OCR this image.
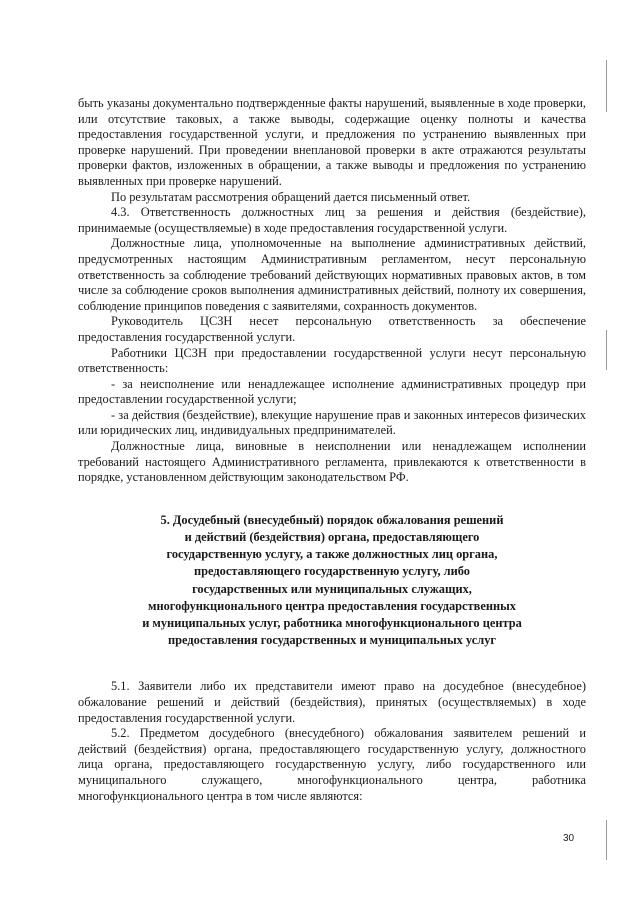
быть указаны документально подтвержденные факты нарушений, выявленные в ходе проверки, или отсутствие таковых, а также выводы, содержащие оценку полноты и качества предоставления государственной услуги, и предложения по устранению выявленных при проверке нарушений. При проведении внеплановой проверки в акте отражаются результаты проверки фактов, изложенных в обращении, а также выводы и предложения по устранению выявленных при проверке нарушений.

По результатам рассмотрения обращений дается письменный ответ.

4.3. Ответственность должностных лиц за решения и действия (бездействие), принимаемые (осуществляемые) в ходе предоставления государственной услуги.

Должностные лица, уполномоченные на выполнение административных действий, предусмотренных настоящим Административным регламентом, несут персональную ответственность за соблюдение требований действующих нормативных правовых актов, в том числе за соблюдение сроков выполнения административных действий, полноту их совершения, соблюдение принципов поведения с заявителями, сохранность документов.

Руководитель ЦСЗН несет персональную ответственность за обеспечение предоставления государственной услуги.

Работники ЦСЗН при предоставлении государственной услуги несут персональную ответственность:

- за неисполнение или ненадлежащее исполнение административных процедур при предоставлении государственной услуги;

- за действия (бездействие), влекущие нарушение прав и законных интересов физических или юридических лиц, индивидуальных предпринимателей.

Должностные лица, виновные в неисполнении или ненадлежащем исполнении требований настоящего Административного регламента, привлекаются к ответственности в порядке, установленном действующим законодательством РФ.

5. Досудебный (внесудебный) порядок обжалования решений
и действий (бездействия) органа, предоставляющего
государственную услугу, а также должностных лиц органа,
предоставляющего государственную услугу, либо
государственных или муниципальных служащих,
многофункционального центра предоставления государственных
и муниципальных услуг, работника многофункционального центра
предоставления государственных и муниципальных услуг

5.1. Заявители либо их представители имеют право на досудебное (внесудебное) обжалование решений и действий (бездействия), принятых (осуществляемых) в ходе предоставления государственной услуги.

5.2. Предметом досудебного (внесудебного) обжалования заявителем решений и действий (бездействия) органа, предоставляющего государственную услугу, должностного лица органа, предоставляющего государственную услугу, либо государственного или муниципального служащего, многофункционального центра, работника многофункционального центра в том числе являются:

30
